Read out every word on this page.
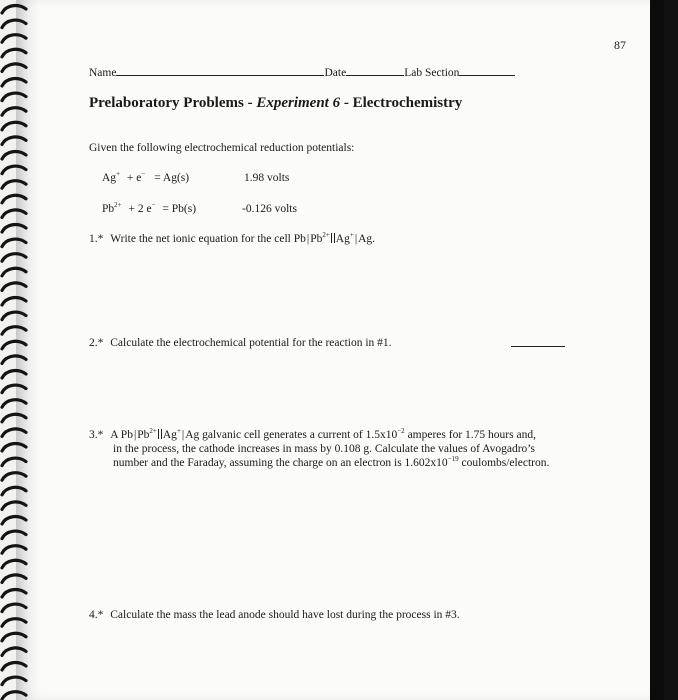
87
Name	Date	Lab Section
Prelaboratory Problems - Experiment 6 - Electrochemistry
Given the following electrochemical reduction potentials:
Ag+ + e− = Ag(s)	1.98 volts
$Pb^{2+} + 2$ e− = Pb(s)	-0.126 volts
1.* Write the net ionic equation for the cell $Pb|Pb^{2+}$ Ag+|Ag.
2.* Calculate the electrochemical potential for the reaction in #1.
3.* A $Pb|Pb^{2+}$ Ag+|Ag galvanic cell generates a current of $1.5x10^{-2}$ amperes for 1.75 hours and,
in the process, the cathode increases in mass by 0.108 g. Calculate the values of Avogadro’s
number and the Faraday, assuming the charge on an electron is $1.602x10^{-19}$ coulombs/electron.
4.* Calculate the mass the lead anode should have lost during the process in #3.
